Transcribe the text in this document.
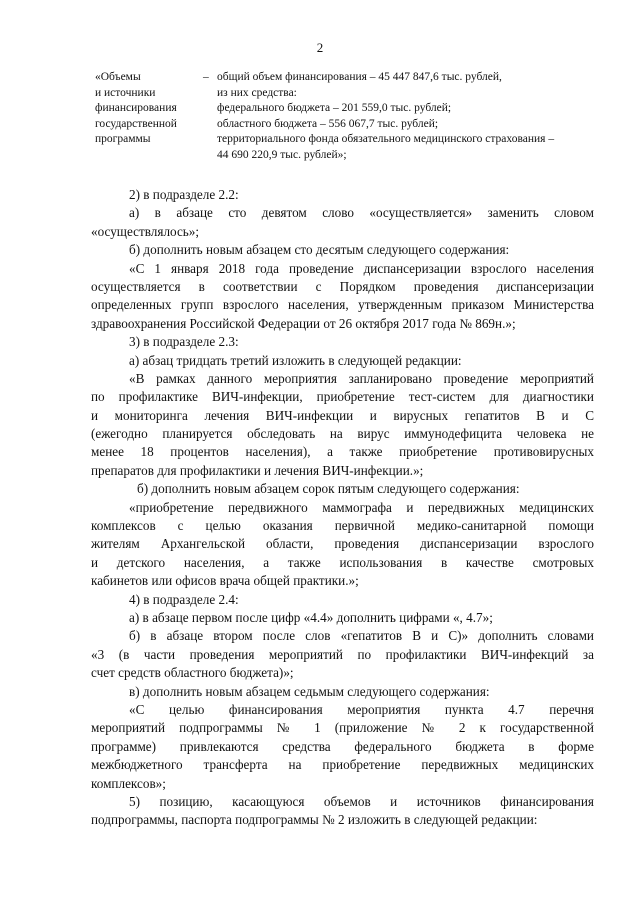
2
«Объемы
и источники
финансирования
государственной
программы
– общий объем финансирования – 45 447 847,6 тыс. рублей,
из них средства:
федерального бюджета – 201 559,0 тыс. рублей;
областного бюджета – 556 067,7 тыс. рублей;
территориального фонда обязательного медицинского страхования –
44 690 220,9 тыс. рублей»;
2) в подразделе 2.2:
а) в абзаце сто девятом слово «осуществляется» заменить словом
«осуществлялось»;
б) дополнить новым абзацем сто десятым следующего содержания:
«С 1 января 2018 года проведение диспансеризации взрослого населения
осуществляется в соответствии с Порядком проведения диспансеризации
определенных групп взрослого населения, утвержденным приказом Министерства
здравоохранения Российской Федерации от 26 октября 2017 года № 869н.»;
3) в подразделе 2.3:
а) абзац тридцать третий изложить в следующей редакции:
«В рамках данного мероприятия запланировано проведение мероприятий
по профилактике ВИЧ-инфекции, приобретение тест-систем для диагностики
и мониторинга лечения ВИЧ-инфекции и вирусных гепатитов В и С
(ежегодно планируется обследовать на вирус иммунодефицита человека не
менее 18 процентов населения), а также приобретение противовирусных
препаратов для профилактики и лечения ВИЧ-инфекции.»;
б) дополнить новым абзацем сорок пятым следующего содержания:
«приобретение передвижного маммографа и передвижных медицинских
комплексов с целью оказания первичной медико-санитарной помощи
жителям Архангельской области, проведения диспансеризации взрослого
и детского населения, а также использования в качестве смотровых
кабинетов или офисов врача общей практики.»;
4) в подразделе 2.4:
а) в абзаце первом после цифр «4.4» дополнить цифрами «, 4.7»;
б) в абзаце втором после слов «гепатитов В и С)» дополнить словами
«3 (в части проведения мероприятий по профилактики ВИЧ-инфекций за
счет средств областного бюджета)»;
в) дополнить новым абзацем седьмым следующего содержания:
«С целью финансирования мероприятия пункта 4.7 перечня
мероприятий подпрограммы № 1 (приложение № 2 к государственной
программе) привлекаются средства федерального бюджета в форме
межбюджетного трансферта на приобретение передвижных медицинских
комплексов»;
5) позицию, касающуюся объемов и источников финансирования
подпрограммы, паспорта подпрограммы № 2 изложить в следующей редакции:
